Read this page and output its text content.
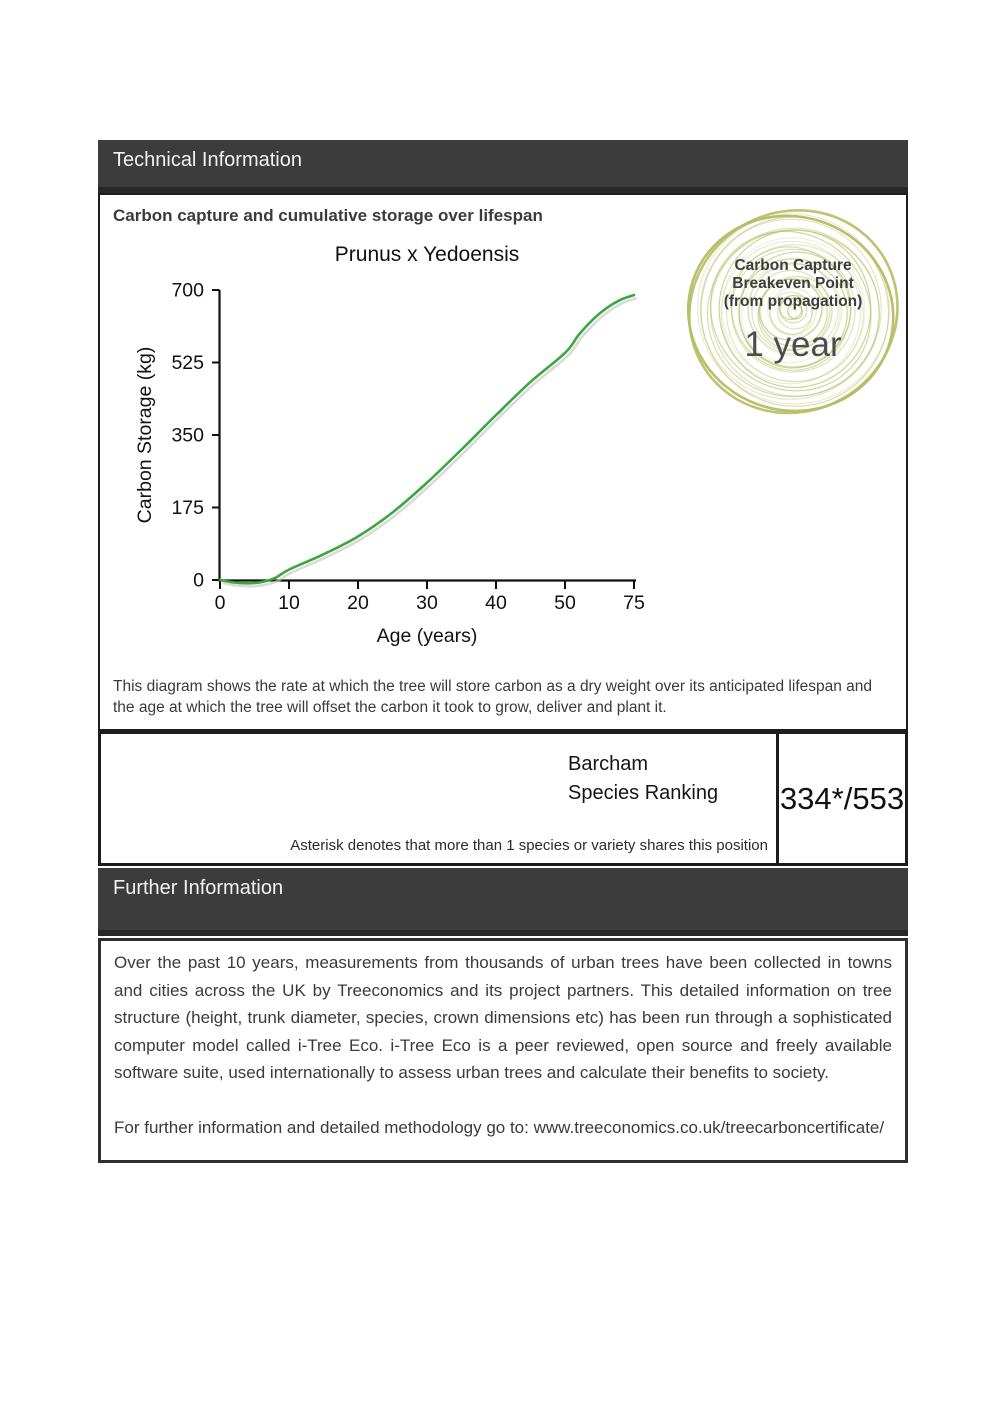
Technical Information
Carbon capture and cumulative storage over lifespan
0
175
350
525
700
0	10 20 30 40 50 75
Prunus x Yedoensis
Age (years)
Carbon Storage (kg)
Carbon Capture
Breakeven Point
(from propagation)
1 year
This diagram shows the rate at which the tree will store carbon as a dry weight over its anticipated lifespan and the age at which the tree will offset the carbon it took to grow, deliver and plant it.
Barcham
Species Ranking
Asterisk denotes that more than 1 species or variety shares this position
334*/553
Further Information

Over the past 10 years, measurements from thousands of urban trees have been collected in towns and cities across the UK by Treeconomics and its project partners. This detailed information on tree structure (height, trunk diameter, species, crown dimensions etc) has been run through a sophisticated computer model called i-Tree Eco. i-Tree Eco is a peer reviewed, open source and freely available software suite, used internationally to assess urban trees and calculate their benefits to society.

For further information and detailed methodology go to: www.treeconomics.co.uk/treecarboncertificate/
